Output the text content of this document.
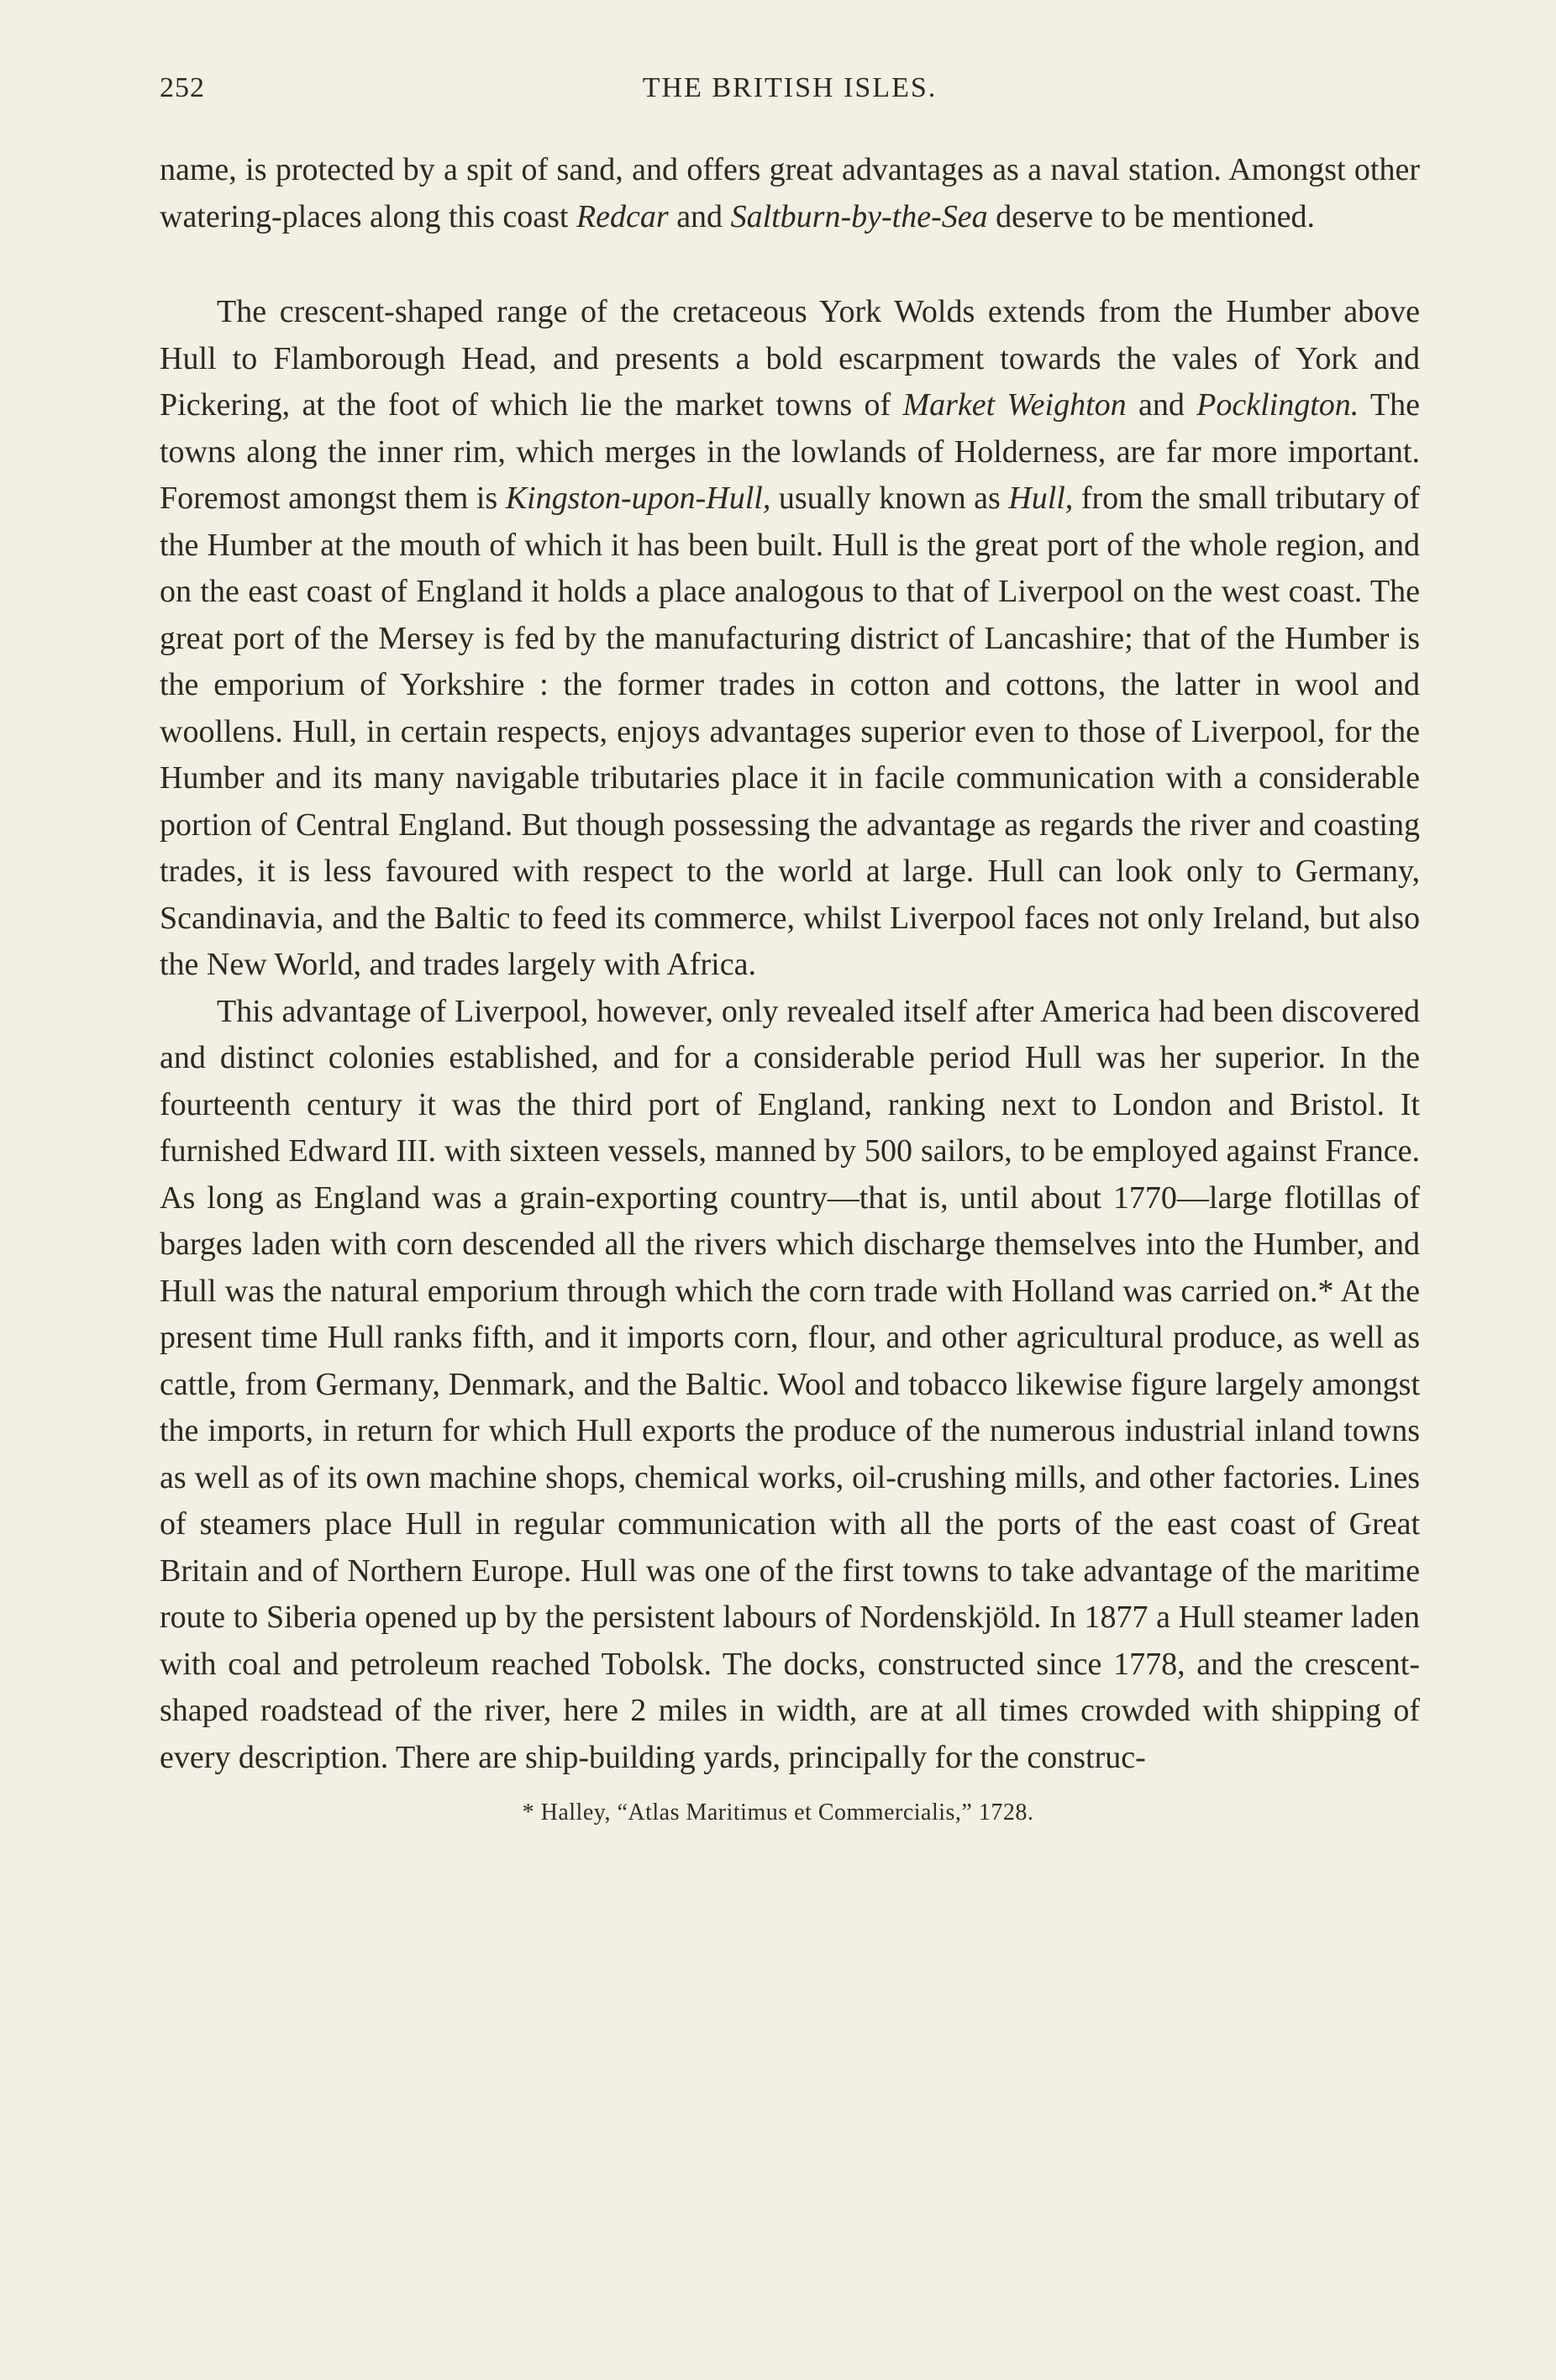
252	THE BRITISH ISLES.

name, is protected by a spit of sand, and offers great advantages as a naval station. Amongst other watering-places along this coast Redcar and Saltburn-by-the-Sea deserve to be mentioned.

The crescent-shaped range of the cretaceous York Wolds extends from the Humber above Hull to Flamborough Head, and presents a bold escarpment towards the vales of York and Pickering, at the foot of which lie the market towns of Market Weighton and Pocklington. The towns along the inner rim, which merges in the lowlands of Holderness, are far more important. Foremost amongst them is Kingston-upon-Hull, usually known as Hull, from the small tributary of the Humber at the mouth of which it has been built. Hull is the great port of the whole region, and on the east coast of England it holds a place analogous to that of Liverpool on the west coast. The great port of the Mersey is fed by the manufacturing district of Lancashire; that of the Humber is the emporium of Yorkshire : the former trades in cotton and cottons, the latter in wool and woollens. Hull, in certain respects, enjoys advantages superior even to those of Liverpool, for the Humber and its many navigable tributaries place it in facile communication with a considerable portion of Central England. But though possessing the advantage as regards the river and coasting trades, it is less favoured with respect to the world at large. Hull can look only to Germany, Scandinavia, and the Baltic to feed its commerce, whilst Liverpool faces not only Ireland, but also the New World, and trades largely with Africa.

This advantage of Liverpool, however, only revealed itself after America had been discovered and distinct colonies established, and for a considerable period Hull was her superior. In the fourteenth century it was the third port of England, ranking next to London and Bristol. It furnished Edward III. with sixteen vessels, manned by 500 sailors, to be employed against France. As long as England was a grain-exporting country—that is, until about 1770—large flotillas of barges laden with corn descended all the rivers which discharge themselves into the Humber, and Hull was the natural emporium through which the corn trade with Holland was carried on.* At the present time Hull ranks fifth, and it imports corn, flour, and other agricultural produce, as well as cattle, from Germany, Denmark, and the Baltic. Wool and tobacco likewise figure largely amongst the imports, in return for which Hull exports the produce of the numerous industrial inland towns as well as of its own machine shops, chemical works, oil-crushing mills, and other factories. Lines of steamers place Hull in regular communication with all the ports of the east coast of Great Britain and of Northern Europe. Hull was one of the first towns to take advantage of the maritime route to Siberia opened up by the persistent labours of Nordenskjöld. In 1877 a Hull steamer laden with coal and petroleum reached Tobolsk. The docks, constructed since 1778, and the crescent-shaped roadstead of the river, here 2 miles in width, are at all times crowded with shipping of every description. There are ship-building yards, principally for the construc-

* Halley, “Atlas Maritimus et Commercialis,” 1728.
